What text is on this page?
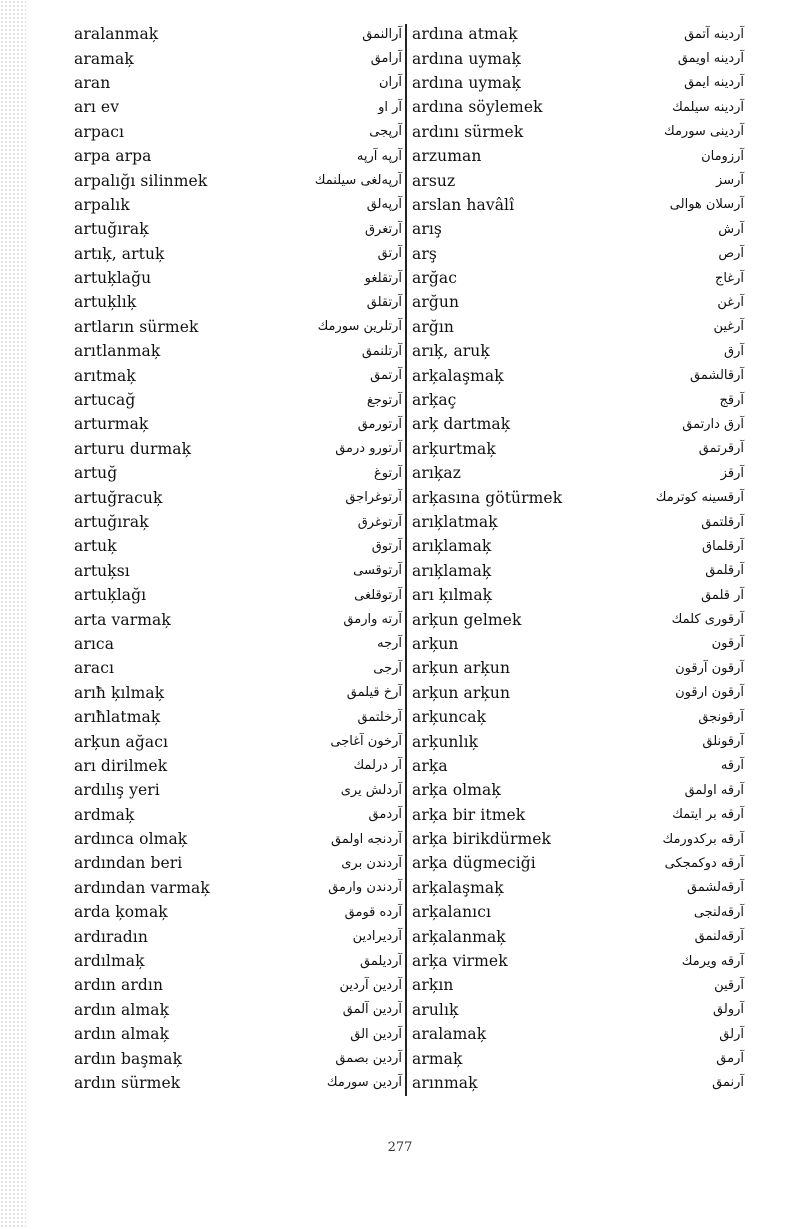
aralanmaķ	آرالنمق
aramaķ	آرامق
aran	آران
arı ev	آر او
arpacı	آرپجی
arpa arpa	آرپه آرپه
arpalığı silinmek	آرپەلغی سیلنمك
arpalık	آرپەلق
artuğıraķ	آرتغرق
artıķ, artuķ	آرتق
artuķlağu	آرتقلغو
artuķlıķ	آرتقلق
artların sürmek	آرتلرین سورمك
arıtlanmaķ	آرتلنمق
arıtmaķ	آرتمق
artucağ	آرتوجغ
arturmaķ	آرتورمق
arturu durmaķ	آرتورو درمق
artuğ	آرتوغ
artuğracuķ	آرتوغراجق
artuğıraķ	آرتوغرق
artuķ	آرتوق
artuķsı	آرتوقسی
artuķlağı	آرتوقلغی
arta varmaķ	آرته وارمق
arıca	آرجه
aracı	آرجی
arıħ ķılmaķ	آرخ قیلمق
arıħlatmaķ	آرخلتمق
arķun ağacı	آرخون آغاجی
arı dirilmek	آر درلمك
ardılış yeri	آردلش یری
ardmaķ	آردمق
ardınca olmaķ	آردنجه اولمق
ardından beri	آردندن بری
ardından varmaķ	آردندن وارمق
arda ķomaķ	آرده قومق
ardıradın	آردیرادین
ardılmaķ	آردیلمق
ardın ardın	آردین آردین
ardın almaķ	آردین آلمق
ardın almaķ	آردین الق
ardın başmaķ	آردین بصمق
ardın sürmek	آردین سورمك
ardına atmaķ	آردینه آتمق
ardına uymaķ	آردینه اویمق
ardına uymaķ	آردینه ایمق
ardına söylemek	آردینه سیلمك
ardını sürmek	آردینی سورمك
arzuman	آرزومان
arsuz	آرسز
arslan havâlî	آرسلان هوالی
arış	آرش
arş	آرص
arğac	آرغاج
arğun	آرغن
arğın	آرغین
arıķ, aruķ	آرق
arķalaşmaķ	آرقالشمق
arķaç	آرقج
arķ dartmaķ	آرق دارتمق
arķurtmaķ	آرقرتمق
arıķaz	آرقز
arķasına götürmek	آرقسینه کوترمك
arıķlatmaķ	آرقلتمق
arıķlamaķ	آرقلماق
arıķlamaķ	آرقلمق
arı ķılmaķ	آر قلمق
arķun gelmek	آرقوری کلمك
arķun	آرقون
arķun arķun	آرقون آرقون
arķun arķun	آرقون ارقون
arķuncaķ	آرقونجق
arķunlıķ	آرقونلق
arķa	آرقه
arķa olmaķ	آرقه اولمق
arķa bir itmek	آرقه بر ایتمك
arķa birikdürmek	آرقه برکدورمك
arķa dügmeciği	آرقه دوکمجکی
arķalaşmaķ	آرقەلشمق
arķalanıcı	آرقەلنجی
arķalanmaķ	آرقەلنمق
arķa virmek	آرقه ویرمك
arķın	آرقین
arulıķ	آرولق
aralamaķ	آرلق
armaķ	آرمق
arınmaķ	آرنمق
277
